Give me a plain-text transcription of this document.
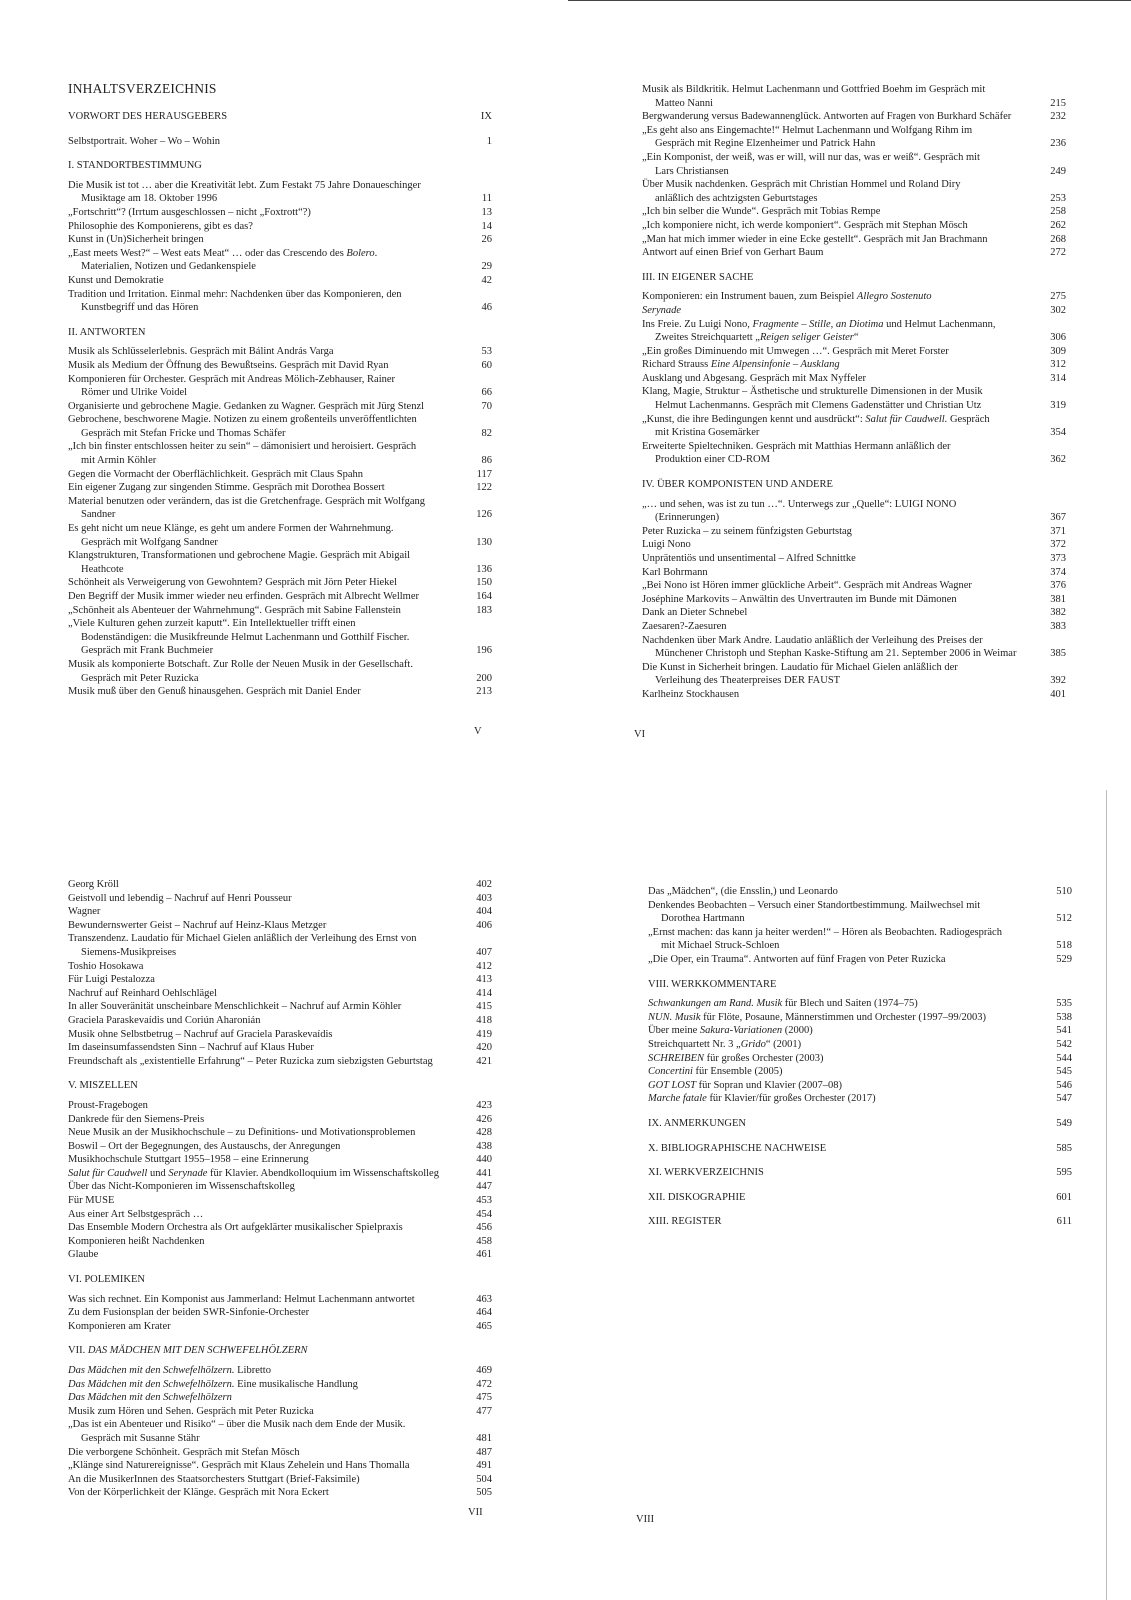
INHALTSVERZEICHNIS
VORWORT DES HERAUSGEBERS	IX
Selbstportrait. Woher – Wo – Wohin	1
I. STANDORTBESTIMMUNG
Die Musik ist tot … aber die Kreativität lebt. Zum Festakt 75 Jahre Donaueschinger
Musiktage am 18. Oktober 1996	11
„Fortschritt“? (Irrtum ausgeschlossen – nicht „Foxtrott“?)	13
Philosophie des Komponierens, gibt es das?	14
Kunst in (Un)Sicherheit bringen	26
„East meets West?“ – West eats Meat“ … oder das Crescendo des Bolero.
Materialien, Notizen und Gedankenspiele	29
Kunst und Demokratie	42
Tradition und Irritation. Einmal mehr: Nachdenken über das Komponieren, den
Kunstbegriff und das Hören	46
II. ANTWORTEN
Musik als Schlüsselerlebnis. Gespräch mit Bálint András Varga	53
Musik als Medium der Öffnung des Bewußtseins. Gespräch mit David Ryan	60
Komponieren für Orchester. Gespräch mit Andreas Mölich-Zebhauser, Rainer
Römer und Ulrike Voidel	66
Organisierte und gebrochene Magie. Gedanken zu Wagner. Gespräch mit Jürg Stenzl	70
Gebrochene, beschworene Magie. Notizen zu einem großenteils unveröffentlichten
Gespräch mit Stefan Fricke und Thomas Schäfer	82
„Ich bin finster entschlossen heiter zu sein“ – dämonisiert und heroisiert. Gespräch
mit Armin Köhler	86
Gegen die Vormacht der Oberflächlichkeit. Gespräch mit Claus Spahn	117
Ein eigener Zugang zur singenden Stimme. Gespräch mit Dorothea Bossert	122
Material benutzen oder verändern, das ist die Gretchenfrage. Gespräch mit Wolfgang
Sandner	126
Es geht nicht um neue Klänge, es geht um andere Formen der Wahrnehmung.
Gespräch mit Wolfgang Sandner	130
Klangstrukturen, Transformationen und gebrochene Magie. Gespräch mit Abigail
Heathcote	136
Schönheit als Verweigerung von Gewohntem? Gespräch mit Jörn Peter Hiekel	150
Den Begriff der Musik immer wieder neu erfinden. Gespräch mit Albrecht Wellmer	164
„Schönheit als Abenteuer der Wahrnehmung“. Gespräch mit Sabine Fallenstein	183
„Viele Kulturen gehen zurzeit kaputt“. Ein Intellektueller trifft einen
Bodenständigen: die Musikfreunde Helmut Lachenmann und Gotthilf Fischer.
Gespräch mit Frank Buchmeier	196
Musik als komponierte Botschaft. Zur Rolle der Neuen Musik in der Gesellschaft.
Gespräch mit Peter Ruzicka	200
Musik muß über den Genuß hinausgehen. Gespräch mit Daniel Ender	213
Musik als Bildkritik. Helmut Lachenmann und Gottfried Boehm im Gespräch mit
Matteo Nanni	215
Bergwanderung versus Badewannenglück. Antworten auf Fragen von Burkhard Schäfer	232
„Es geht also ans Eingemachte!“ Helmut Lachenmann und Wolfgang Rihm im
Gespräch mit Regine Elzenheimer und Patrick Hahn	236
„Ein Komponist, der weiß, was er will, will nur das, was er weiß“. Gespräch mit
Lars Christiansen	249
Über Musik nachdenken. Gespräch mit Christian Hommel und Roland Diry
anläßlich des achtzigsten Geburtstages	253
„Ich bin selber die Wunde“. Gespräch mit Tobias Rempe	258
„Ich komponiere nicht, ich werde komponiert“. Gespräch mit Stephan Mösch	262
„Man hat mich immer wieder in eine Ecke gestellt“. Gespräch mit Jan Brachmann	268
Antwort auf einen Brief von Gerhart Baum	272
III. IN EIGENER SACHE
Komponieren: ein Instrument bauen, zum Beispiel Allegro Sostenuto	275
Serynade	302
Ins Freie. Zu Luigi Nono, Fragmente – Stille, an Diotima und Helmut Lachenmann,
Zweites Streichquartett „Reigen seliger Geister“	306
„Ein großes Diminuendo mit Umwegen …“. Gespräch mit Meret Forster	309
Richard Strauss Eine Alpensinfonie – Ausklang	312
Ausklang und Abgesang. Gespräch mit Max Nyffeler	314
Klang, Magie, Struktur – Ästhetische und strukturelle Dimensionen in der Musik
Helmut Lachenmanns. Gespräch mit Clemens Gadenstätter und Christian Utz	319
„Kunst, die ihre Bedingungen kennt und ausdrückt“: Salut für Caudwell. Gespräch
mit Kristina Gosemärker	354
Erweiterte Spieltechniken. Gespräch mit Matthias Hermann anläßlich der
Produktion einer CD-ROM	362
IV. ÜBER KOMPONISTEN UND ANDERE
„… und sehen, was ist zu tun …“. Unterwegs zur „Quelle“: LUIGI NONO
(Erinnerungen)	367
Peter Ruzicka – zu seinem fünfzigsten Geburtstag	371
Luigi Nono	372
Unprätentiös und unsentimental – Alfred Schnittke	373
Karl Bohrmann	374
„Bei Nono ist Hören immer glückliche Arbeit“. Gespräch mit Andreas Wagner	376
Joséphine Markovits – Anwältin des Unvertrauten im Bunde mit Dämonen	381
Dank an Dieter Schnebel	382
Zaesaren?-Zaesuren	383
Nachdenken über Mark Andre. Laudatio anläßlich der Verleihung des Preises der
Münchener Christoph und Stephan Kaske-Stiftung am 21. September 2006 in Weimar	385
Die Kunst in Sicherheit bringen. Laudatio für Michael Gielen anläßlich der
Verleihung des Theaterpreises DER FAUST	392
Karlheinz Stockhausen	401
Georg Kröll	402
Geistvoll und lebendig – Nachruf auf Henri Pousseur	403
Wagner	404
Bewundernswerter Geist – Nachruf auf Heinz-Klaus Metzger	406
Transzendenz. Laudatio für Michael Gielen anläßlich der Verleihung des Ernst von
Siemens-Musikpreises	407
Toshio Hosokawa	412
Für Luigi Pestalozza	413
Nachruf auf Reinhard Oehlschlägel	414
In aller Souveränität unscheinbare Menschlichkeit – Nachruf auf Armin Köhler	415
Graciela Paraskevaídis und Coriún Aharonián	418
Musik ohne Selbstbetrug – Nachruf auf Graciela Paraskevaídis	419
Im daseinsumfassendsten Sinn – Nachruf auf Klaus Huber	420
Freundschaft als „existentielle Erfahrung“ – Peter Ruzicka zum siebzigsten Geburtstag	421
V. MISZELLEN
Proust-Fragebogen	423
Dankrede für den Siemens-Preis	426
Neue Musik an der Musikhochschule – zu Definitions- und Motivationsproblemen	428
Boswil – Ort der Begegnungen, des Austauschs, der Anregungen	438
Musikhochschule Stuttgart 1955–1958 – eine Erinnerung	440
Salut für Caudwell und Serynade für Klavier. Abendkolloquium im Wissenschaftskolleg	441
Über das Nicht-Komponieren im Wissenschaftskolleg	447
Für MUSE	453
Aus einer Art Selbstgespräch …	454
Das Ensemble Modern Orchestra als Ort aufgeklärter musikalischer Spielpraxis	456
Komponieren heißt Nachdenken	458
Glaube	461
VI. POLEMIKEN
Was sich rechnet. Ein Komponist aus Jammerland: Helmut Lachenmann antwortet	463
Zu dem Fusionsplan der beiden SWR-Sinfonie-Orchester	464
Komponieren am Krater	465
VII. DAS MÄDCHEN MIT DEN SCHWEFELHÖLZERN
Das Mädchen mit den Schwefelhölzern. Libretto	469
Das Mädchen mit den Schwefelhölzern. Eine musikalische Handlung	472
Das Mädchen mit den Schwefelhölzern	475
Musik zum Hören und Sehen. Gespräch mit Peter Ruzicka	477
„Das ist ein Abenteuer und Risiko“ – über die Musik nach dem Ende der Musik.
Gespräch mit Susanne Stähr	481
Die verborgene Schönheit. Gespräch mit Stefan Mösch	487
„Klänge sind Naturereignisse“. Gespräch mit Klaus Zehelein und Hans Thomalla	491
An die MusikerInnen des Staatsorchesters Stuttgart (Brief-Faksimile)	504
Von der Körperlichkeit der Klänge. Gespräch mit Nora Eckert	505
Das „Mädchen“, (die Ensslin,) und Leonardo	510
Denkendes Beobachten – Versuch einer Standortbestimmung. Mailwechsel mit
Dorothea Hartmann	512
„Ernst machen: das kann ja heiter werden!“ – Hören als Beobachten. Radiogespräch
mit Michael Struck-Schloen	518
„Die Oper, ein Trauma“. Antworten auf fünf Fragen von Peter Ruzicka	529
VIII. WERKKOMMENTARE
Schwankungen am Rand. Musik für Blech und Saiten (1974–75)	535
NUN. Musik für Flöte, Posaune, Männerstimmen und Orchester (1997–99/2003)	538
Über meine Sakura-Variationen (2000)	541
Streichquartett Nr. 3 „Grido“ (2001)	542
SCHREIBEN für großes Orchester (2003)	544
Concertini für Ensemble (2005)	545
GOT LOST für Sopran und Klavier (2007–08)	546
Marche fatale für Klavier/für großes Orchester (2017)	547
IX. ANMERKUNGEN	549
X. BIBLIOGRAPHISCHE NACHWEISE	585
XI. WERKVERZEICHNIS	595
XII. DISKOGRAPHIE	601
XIII. REGISTER	611
V	VI
VII
VIII
